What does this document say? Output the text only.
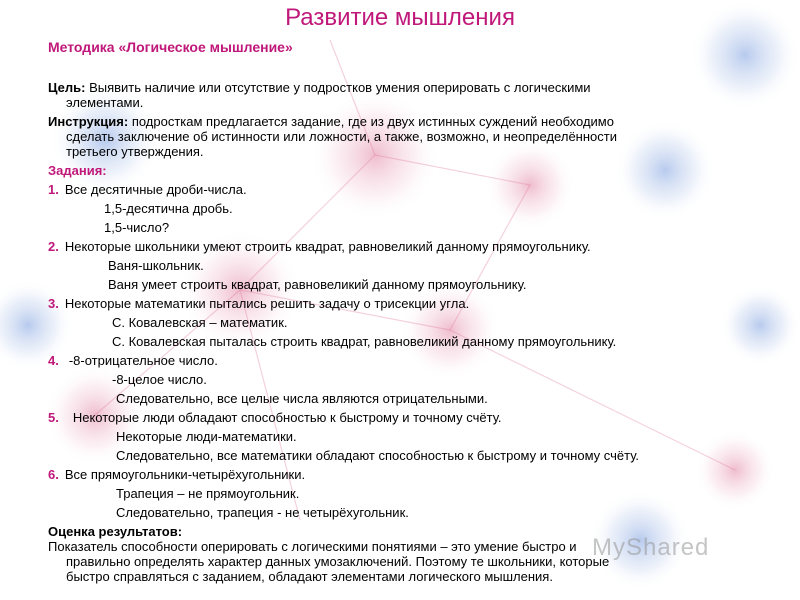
Развитие мышления
Методика «Логическое мышление»
Цель: Выявить наличие или отсутствие у подростков умения оперировать с логическими
элементами.
Инструкция: подросткам предлагается задание, где из двух истинных суждений необходимо
сделать заключение об истинности или ложности, а также, возможно, и неопределённости
третьего утверждения.
Задания:
1. Все десятичные дроби-числа.
1,5-десятична дробь.
1,5-число?
2. Некоторые школьники умеют строить квадрат, равновеликий данному прямоугольнику.
Ваня-школьник.
Ваня умеет строить квадрат, равновеликий данному прямоугольнику.
3. Некоторые математики пытались решить задачу о трисекции угла.
С. Ковалевская – математик.
С. Ковалевская пыталась строить квадрат, равновеликий данному прямоугольнику.
4. -8-отрицательное число.
-8-целое число.
Следовательно, все целые числа являются отрицательными.
5. Некоторые люди обладают способностью к быстрому и точному счёту.
Некоторые люди-математики.
Следовательно, все математики обладают способностью к быстрому и точному счёту.
6. Все прямоугольники-четырёхугольники.
Трапеция – не прямоугольник.
Следовательно, трапеция - не четырёхугольник.
Оценка результатов:
Показатель способности оперировать с логическими понятиями – это умение быстро и
правильно определять характер данных умозаключений. Поэтому те школьники, которые
быстро справляться с заданием, обладают элементами логического мышления.
MyShared
